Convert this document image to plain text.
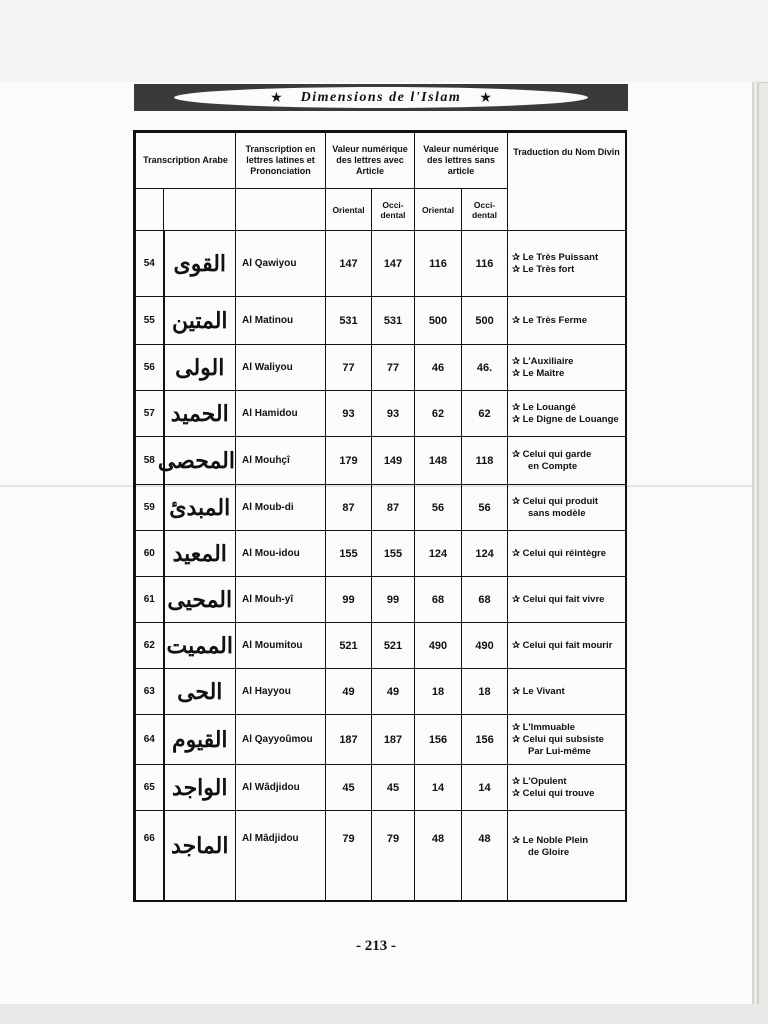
★ Dimensions de l'Islam ★
Transcription Arabe		Transcription en lettres latines et Prononciation	Valeur numérique des lettres avec Article		Valeur numérique des lettres sans article		Traduction du Nom Divin
			Oriental	Occi-dental	Oriental	Occi-dental	
54	القوى	Al Qawiyou	147	147	116	116	✰ Le Très Puissant
✰ Le Très fort

55	المتين	Al Matinou	531	531	500	500	✰ Le Très Ferme

56	الولى	Al Waliyou	77	77	46	46.	✰ L'Auxiliaire
✰ Le Maître

57	الحميد	Al Hamidou	93	93	62	62	✰ Le Louangé
✰ Le Digne de Louange

58	المحصى	Al Mouhçî	179	149	148	118	✰ Celui qui garde
en Compte

59	المبدئ	Al Moub-di	87	87	56	56	✰ Celui qui produit
sans modèle

60	المعيد	Al Mou-idou	155	155	124	124	✰ Celui qui réintègre

61	المحيى	Al Mouh-yî	99	99	68	68	✰ Celui qui fait vivre

62	المميت	Al Moumitou	521	521	490	490	✰ Celui qui fait mourir

63	الحى	Al Hayyou	49	49	18	18	✰ Le Vivant

64	القيوم	Al Qayyoûmou	187	187	156	156	✰ L'Immuable
✰ Celui qui subsiste
Par Lui-même

65	الواجد	Al Wâdjidou	45	45	14	14	✰ L'Opulent
✰ Celui qui trouve

66	الماجد	Al Mâdjidou	79	79	48	48	✰ Le Noble Plein
de Gloire
- 213 -
